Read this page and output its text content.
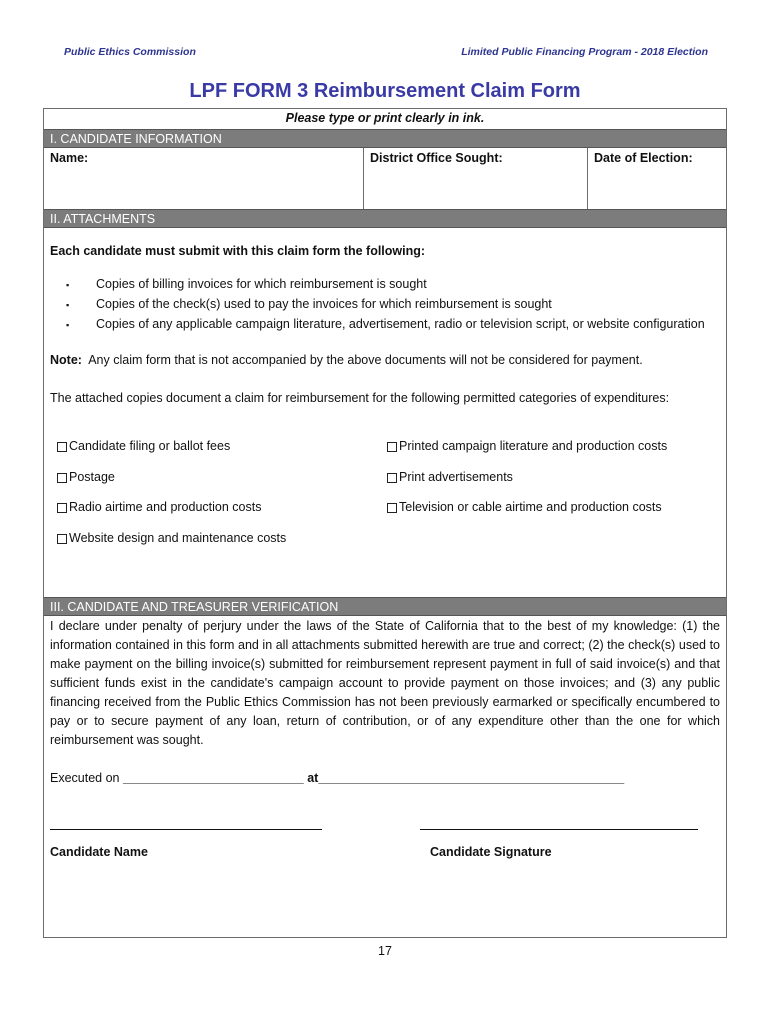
Public Ethics Commission	Limited Public Financing Program - 2018 Election
LPF FORM 3 Reimbursement Claim Form
Please type or print clearly in ink.
I. CANDIDATE INFORMATION
Name:	District Office Sought:	Date of Election:
II. ATTACHMENTS
Each candidate must submit with this claim form the following:
▪	Copies of billing invoices for which reimbursement is sought
▪	Copies of the check(s) used to pay the invoices for which reimbursement is sought
▪	Copies of any applicable campaign literature, advertisement, radio or television script, or website configuration
Note: Any claim form that is not accompanied by the above documents will not be considered for payment.
The attached copies document a claim for reimbursement for the following permitted categories of expenditures:
Candidate filing or ballot fees	Printed campaign literature and production costs
Postage	Print advertisements
Radio airtime and production costs	Television or cable airtime and production costs
Website design and maintenance costs
III. CANDIDATE AND TREASURER VERIFICATION
I declare under penalty of perjury under the laws of the State of California that to the best of my knowledge: (1) the information contained in this form and in all attachments submitted herewith are true and correct; (2) the check(s) used to make payment on the billing invoice(s) submitted for reimbursement represent payment in full of said invoice(s) and that sufficient funds exist in the candidate's campaign account to provide payment on those invoices; and (3) any public financing received from the Public Ethics Commission has not been previously earmarked or specifically encumbered to pay or to secure payment of any loan, return of contribution, or of any expenditure other than the one for which reimbursement was sought.
Executed on __________________________ at____________________________________________
Candidate Name	Candidate Signature
17
